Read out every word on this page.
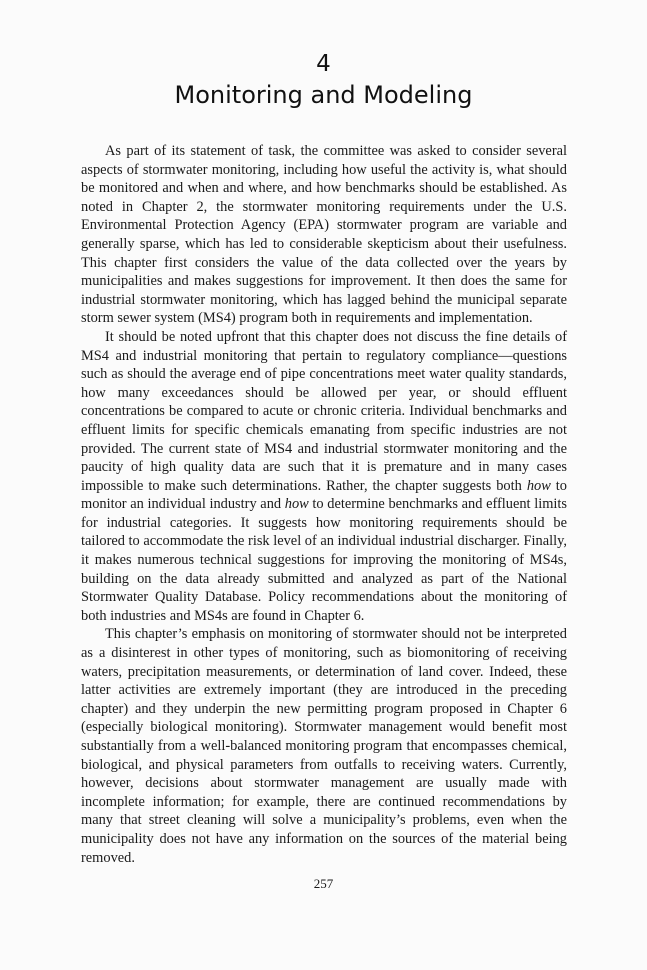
4
Monitoring and Modeling

As part of its statement of task, the committee was asked to consider several aspects of stormwater monitoring, including how useful the activity is, what should be monitored and when and where, and how benchmarks should be established. As noted in Chapter 2, the stormwater monitoring requirements under the U.S. Environmental Protection Agency (EPA) stormwater program are variable and generally sparse, which has led to considerable skepticism about their usefulness. This chapter first considers the value of the data collected over the years by municipalities and makes suggestions for improvement. It then does the same for industrial stormwater monitoring, which has lagged behind the municipal separate storm sewer system (MS4) program both in requirements and implementation.

It should be noted upfront that this chapter does not discuss the fine details of MS4 and industrial monitoring that pertain to regulatory compliance—questions such as should the average end of pipe concentrations meet water quality standards, how many exceedances should be allowed per year, or should effluent concentrations be compared to acute or chronic criteria. Individual benchmarks and effluent limits for specific chemicals emanating from specific industries are not provided. The current state of MS4 and industrial stormwater monitoring and the paucity of high quality data are such that it is premature and in many cases impossible to make such determinations. Rather, the chapter suggests both how to monitor an individual industry and how to determine benchmarks and effluent limits for industrial categories. It suggests how monitoring requirements should be tailored to accommodate the risk level of an individual industrial discharger. Finally, it makes numerous technical suggestions for improving the monitoring of MS4s, building on the data already submitted and analyzed as part of the National Stormwater Quality Database. Policy recommendations about the monitoring of both industries and MS4s are found in Chapter 6.

This chapter’s emphasis on monitoring of stormwater should not be interpreted as a disinterest in other types of monitoring, such as biomonitoring of receiving waters, precipitation measurements, or determination of land cover. Indeed, these latter activities are extremely important (they are introduced in the preceding chapter) and they underpin the new permitting program proposed in Chapter 6 (especially biological monitoring). Stormwater management would benefit most substantially from a well-balanced monitoring program that encompasses chemical, biological, and physical parameters from outfalls to receiving waters. Currently, however, decisions about stormwater management are usually made with incomplete information; for example, there are continued recommendations by many that street cleaning will solve a municipality’s problems, even when the municipality does not have any information on the sources of the material being removed.

257
